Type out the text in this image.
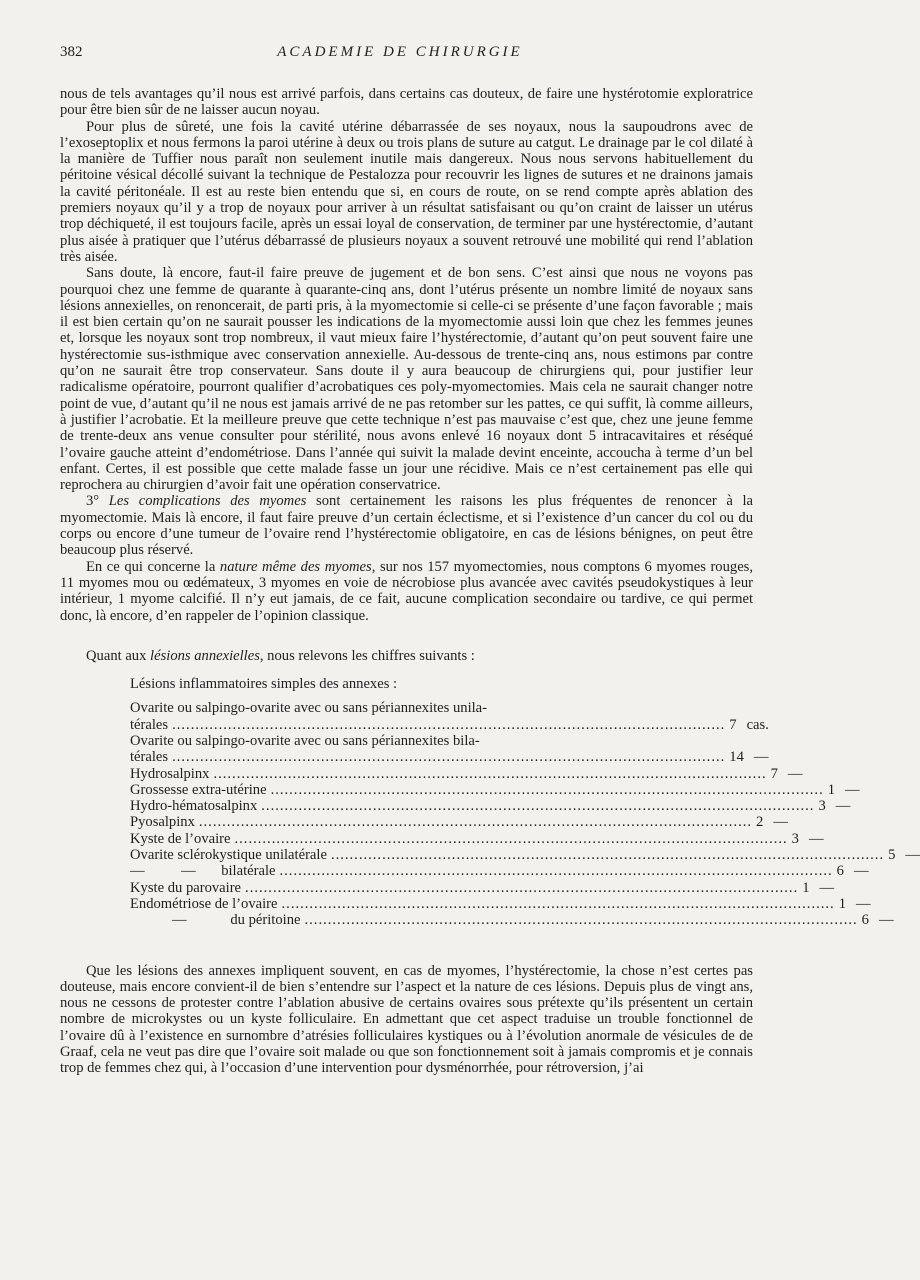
382	ACADEMIE DE CHIRURGIE

nous de tels avantages qu’il nous est arrivé parfois, dans certains cas douteux, de faire une hystérotomie exploratrice pour être bien sûr de ne laisser aucun noyau.

Pour plus de sûreté, une fois la cavité utérine débarrassée de ses noyaux, nous la saupoudrons avec de l’exoseptoplix et nous fermons la paroi utérine à deux ou trois plans de suture au catgut. Le drainage par le col dilaté à la manière de Tuffier nous paraît non seulement inutile mais dangereux. Nous nous servons habituellement du péritoine vésical décollé suivant la technique de Pestalozza pour recouvrir les lignes de sutures et ne drainons jamais la cavité péritonéale. Il est au reste bien entendu que si, en cours de route, on se rend compte après ablation des premiers noyaux qu’il y a trop de noyaux pour arriver à un résultat satisfaisant ou qu’on craint de laisser un utérus trop déchiqueté, il est toujours facile, après un essai loyal de conservation, de terminer par une hystérectomie, d’autant plus aisée à pratiquer que l’utérus débarrassé de plusieurs noyaux a souvent retrouvé une mobilité qui rend l’ablation très aisée.

Sans doute, là encore, faut-il faire preuve de jugement et de bon sens. C’est ainsi que nous ne voyons pas pourquoi chez une femme de quarante à quarante-cinq ans, dont l’utérus présente un nombre limité de noyaux sans lésions annexielles, on renoncerait, de parti pris, à la myomectomie si celle-ci se présente d’une façon favorable ; mais il est bien certain qu’on ne saurait pousser les indications de la myomectomie aussi loin que chez les femmes jeunes et, lorsque les noyaux sont trop nombreux, il vaut mieux faire l’hystérectomie, d’autant qu’on peut souvent faire une hystérectomie sus-isthmique avec conservation annexielle. Au-dessous de trente-cinq ans, nous estimons par contre qu’on ne saurait être trop conservateur. Sans doute il y aura beaucoup de chirurgiens qui, pour justifier leur radicalisme opératoire, pourront qualifier d’acrobatiques ces poly-myomectomies. Mais cela ne saurait changer notre point de vue, d’autant qu’il ne nous est jamais arrivé de ne pas retomber sur les pattes, ce qui suffit, là comme ailleurs, à justifier l’acrobatie. Et la meilleure preuve que cette technique n’est pas mauvaise c’est que, chez une jeune femme de trente-deux ans venue consulter pour stérilité, nous avons enlevé 16 noyaux dont 5 intracavitaires et réséqué l’ovaire gauche atteint d’endométriose. Dans l’année qui suivit la malade devint enceinte, accoucha à terme d’un bel enfant. Certes, il est possible que cette malade fasse un jour une récidive. Mais ce n’est certainement pas elle qui reprochera au chirurgien d’avoir fait une opération conservatrice.

3° Les complications des myomes sont certainement les raisons les plus fréquentes de renoncer à la myomectomie. Mais là encore, il faut faire preuve d’un certain éclectisme, et si l’existence d’un cancer du col ou du corps ou encore d’une tumeur de l’ovaire rend l’hystérectomie obligatoire, en cas de lésions bénignes, on peut être beaucoup plus réservé.

En ce qui concerne la nature même des myomes, sur nos 157 myomectomies, nous comptons 6 myomes rouges, 11 myomes mou ou œdémateux, 3 myomes en voie de nécrobiose plus avancée avec cavités pseudokystiques à leur intérieur, 1 myome calcifié. Il n’y eut jamais, de ce fait, aucune complication secondaire ou tardive, ce qui permet donc, là encore, d’en rappeler de l’opinion classique.

Quant aux lésions annexielles, nous relevons les chiffres suivants :

Lésions inflammatoires simples des annexes :
Ovarite ou salpingo-ovarite avec ou sans périannexites unila-
térales ....................................................................................................................... 7 cas.
Ovarite ou salpingo-ovarite avec ou sans périannexites bila-
térales ....................................................................................................................... 14 —
Hydrosalpinx ....................................................................................................................... 7 —
Grossesse extra-utérine ....................................................................................................................... 1 —
Hydro-hématosalpinx ....................................................................................................................... 3 —
Pyosalpinx ....................................................................................................................... 2 —
Kyste de l’ovaire ....................................................................................................................... 3 —
Ovarite sclérokystique unilatérale ....................................................................................................................... 5 —
—          —       bilatérale ....................................................................................................................... 6 —
Kyste du parovaire ....................................................................................................................... 1 —
Endométriose de l’ovaire ....................................................................................................................... 1 —
—            du péritoine ....................................................................................................................... 6 —

Que les lésions des annexes impliquent souvent, en cas de myomes, l’hystérectomie, la chose n’est certes pas douteuse, mais encore convient-il de bien s’entendre sur l’aspect et la nature de ces lésions. Depuis plus de vingt ans, nous ne cessons de protester contre l’ablation abusive de certains ovaires sous prétexte qu’ils présentent un certain nombre de microkystes ou un kyste folliculaire. En admettant que cet aspect traduise un trouble fonctionnel de l’ovaire dû à l’existence en surnombre d’atrésies folliculaires kystiques ou à l’évolution anormale de vésicules de de Graaf, cela ne veut pas dire que l’ovaire soit malade ou que son fonctionnement soit à jamais compromis et je connais trop de femmes chez qui, à l’occasion d’une intervention pour dysménorrhée, pour rétroversion, j’ai
